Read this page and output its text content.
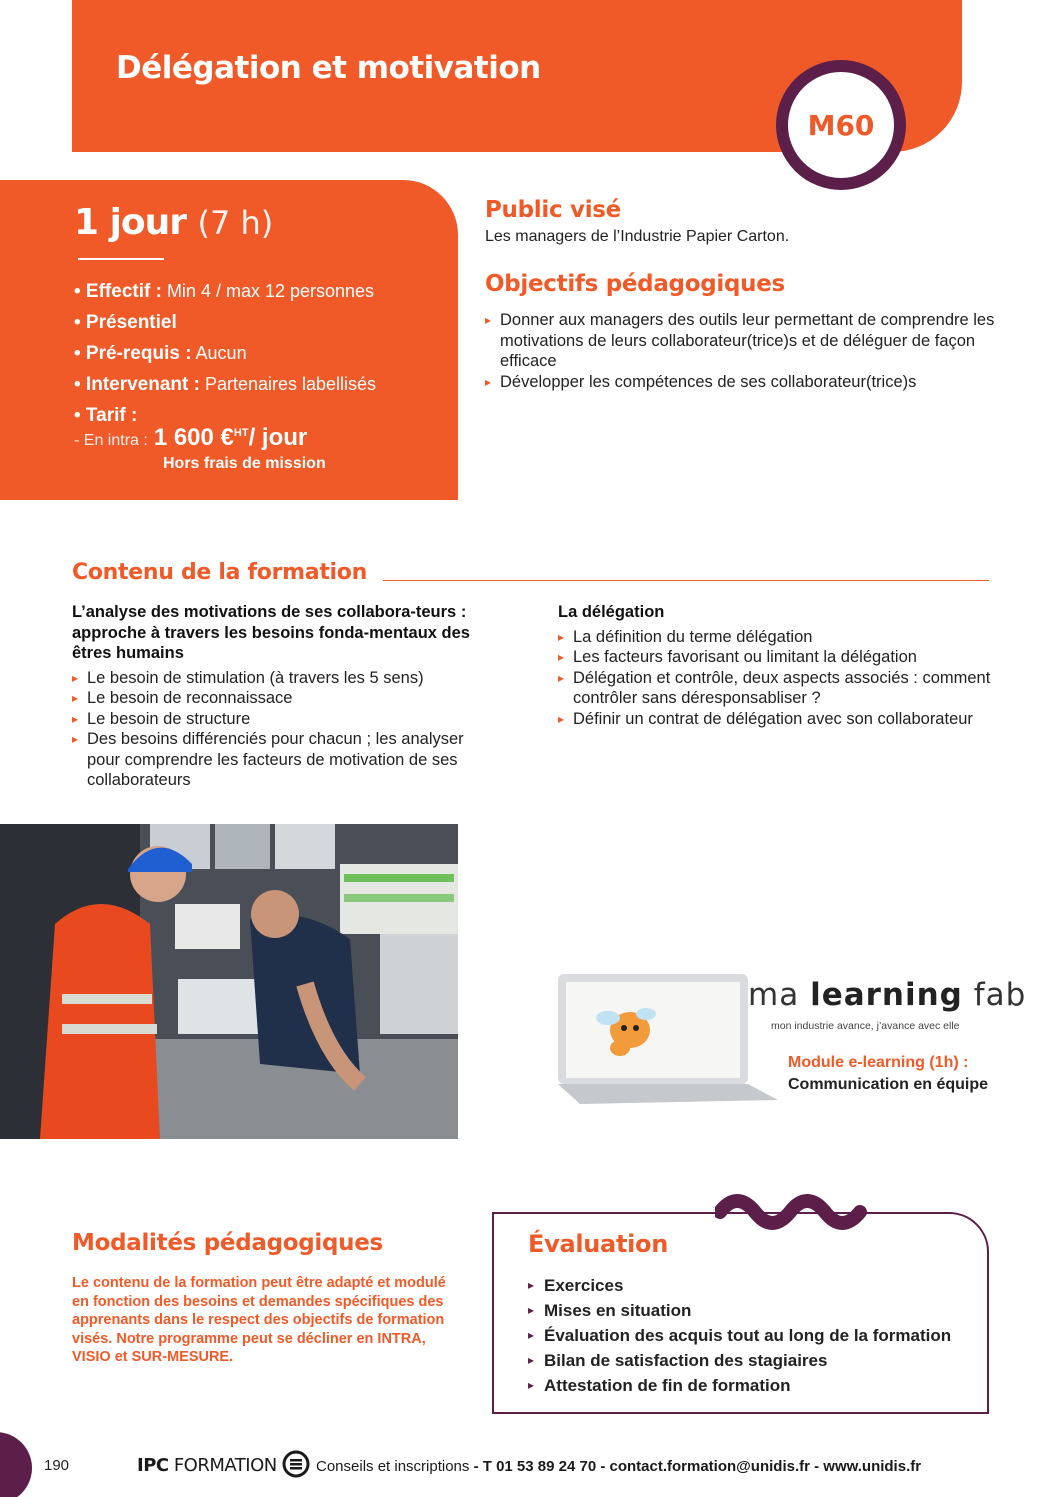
Délégation et motivation
M60
1 jour (7 h)
• Effectif : Min 4 / max 12 personnes
• Présentiel
• Pré-requis : Aucun
• Intervenant : Partenaires labellisés
• Tarif :
- En intra : 1 600 €$^{HT}$/ jour
Hors frais de mission
Public visé

Les managers de l’Industrie Papier Carton.

Objectifs pédagogiques
▸ Donner aux managers des outils leur permettant de comprendre les motivations de leurs collaborateur(trice)s et de déléguer de façon efficace
▸ Développer les compétences de ses collaborateur(trice)s
Contenu de la formation
L’analyse des motivations de ses collabora-teurs : approche à travers les besoins fonda-mentaux des êtres humains
▸ Le besoin de stimulation (à travers les 5 sens)
▸ Le besoin de reconnaissace
▸ Le besoin de structure
▸ Des besoins différenciés pour chacun ; les analyser pour comprendre les facteurs de motivation de ses collaborateurs
La délégation
▸ La définition du terme délégation
▸ Les facteurs favorisant ou limitant la délégation
▸ Délégation et contrôle, deux aspects associés : comment contrôler sans déresponsabliser ?
▸ Définir un contrat de délégation avec son collaborateur
ma learning fab
mon industrie avance, j’avance avec elle
Module e-learning (1h) :
Communication en équipe
Modalités pédagogiques

Le contenu de la formation peut être adapté et modulé en fonction des besoins et demandes spécifiques des apprenants dans le respect des objectifs de formation visés. Notre programme peut se décliner en INTRA, VISIO et SUR-MESURE.

Évaluation
▸ Exercices
▸ Mises en situation
▸ Évaluation des acquis tout au long de la formation
▸ Bilan de satisfaction des stagiaires
▸ Attestation de fin de formation
190	IPC FORMATION	Conseils et inscriptions - T 01 53 89 24 70 - contact.formation@unidis.fr - www.unidis.fr
